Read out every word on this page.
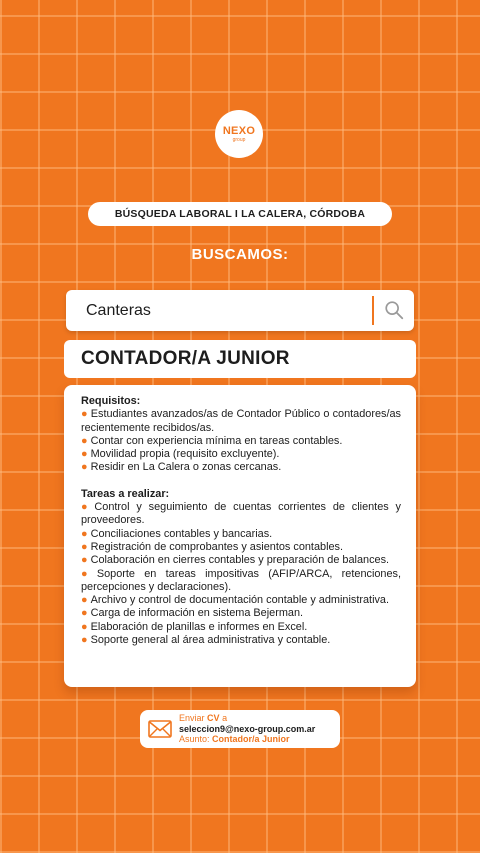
NEXO
group
BÚSQUEDA LABORAL I LA CALERA, CÓRDOBA
BUSCAMOS:
Canteras
CONTADOR/A JUNIOR
Requisitos:
● Estudiantes avanzados/as de Contador Público o contadores/as recientemente recibidos/as.
● Contar con experiencia mínima en tareas contables.
● Movilidad propia (requisito excluyente).
● Residir en La Calera o zonas cercanas.
Tareas a realizar:
● Control y seguimiento de cuentas corrientes de clientes y proveedores.
● Conciliaciones contables y bancarias.
● Registración de comprobantes y asientos contables.
● Colaboración en cierres contables y preparación de balances.
● Soporte en tareas impositivas (AFIP/ARCA, retenciones, percepciones y declaraciones).
● Archivo y control de documentación contable y administrativa.
● Carga de información en sistema Bejerman.
● Elaboración de planillas e informes en Excel.
● Soporte general al área administrativa y contable.
Enviar CV a
seleccion9@nexo-group.com.ar
Asunto: Contador/a Junior
